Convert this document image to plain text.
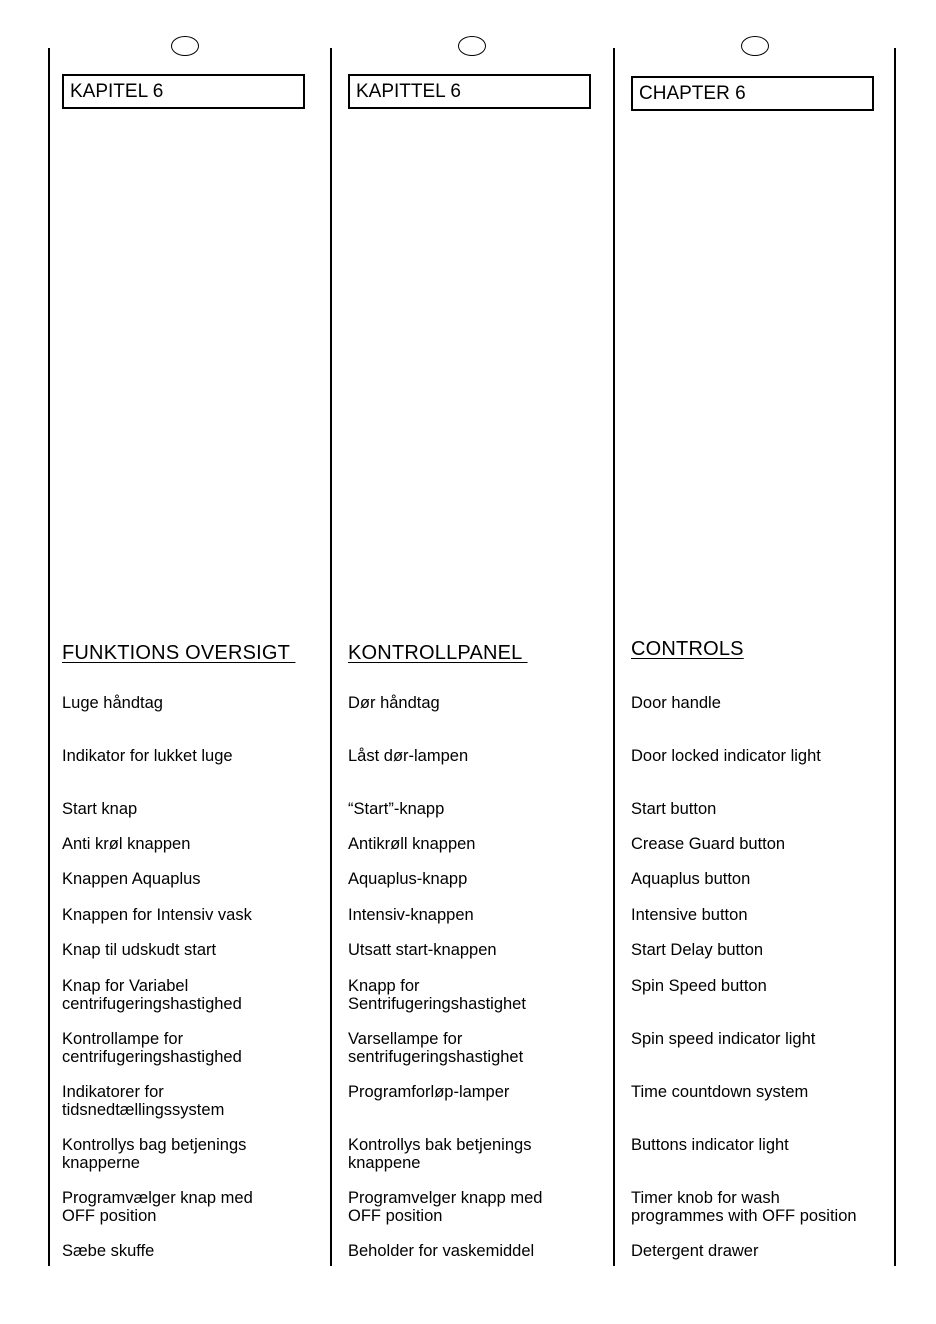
KAPITEL 6
FUNKTIONS OVERSIGT
Luge håndtag
Indikator for lukket luge
Start knap
Anti krøl knappen
Knappen Aquaplus
Knappen for Intensiv vask
Knap til udskudt start
Knap for Variabel
centrifugeringshastighed
Kontrollampe for
centrifugeringshastighed
Indikatorer for
tidsnedtællingssystem
Kontrollys bag betjenings
knapperne
Programvælger knap med
OFF position
Sæbe skuffe
KAPITTEL 6
KONTROLLPANEL
Dør håndtag
Låst dør-lampen
“Start”-knapp
Antikrøll knappen
Aquaplus-knapp
Intensiv-knappen
Utsatt start-knappen
Knapp for
Sentrifugeringshastighet
Varsellampe for
sentrifugeringshastighet
Programforløp-lamper
Kontrollys bak betjenings
knappene
Programvelger knapp med
OFF position
Beholder for vaskemiddel
CHAPTER 6
CONTROLS
Door handle
Door locked indicator light
Start button
Crease Guard button
Aquaplus button
Intensive button
Start Delay button
Spin Speed button
Spin speed indicator light
Time countdown system
Buttons indicator light
Timer knob for wash
programmes with OFF position
Detergent drawer
